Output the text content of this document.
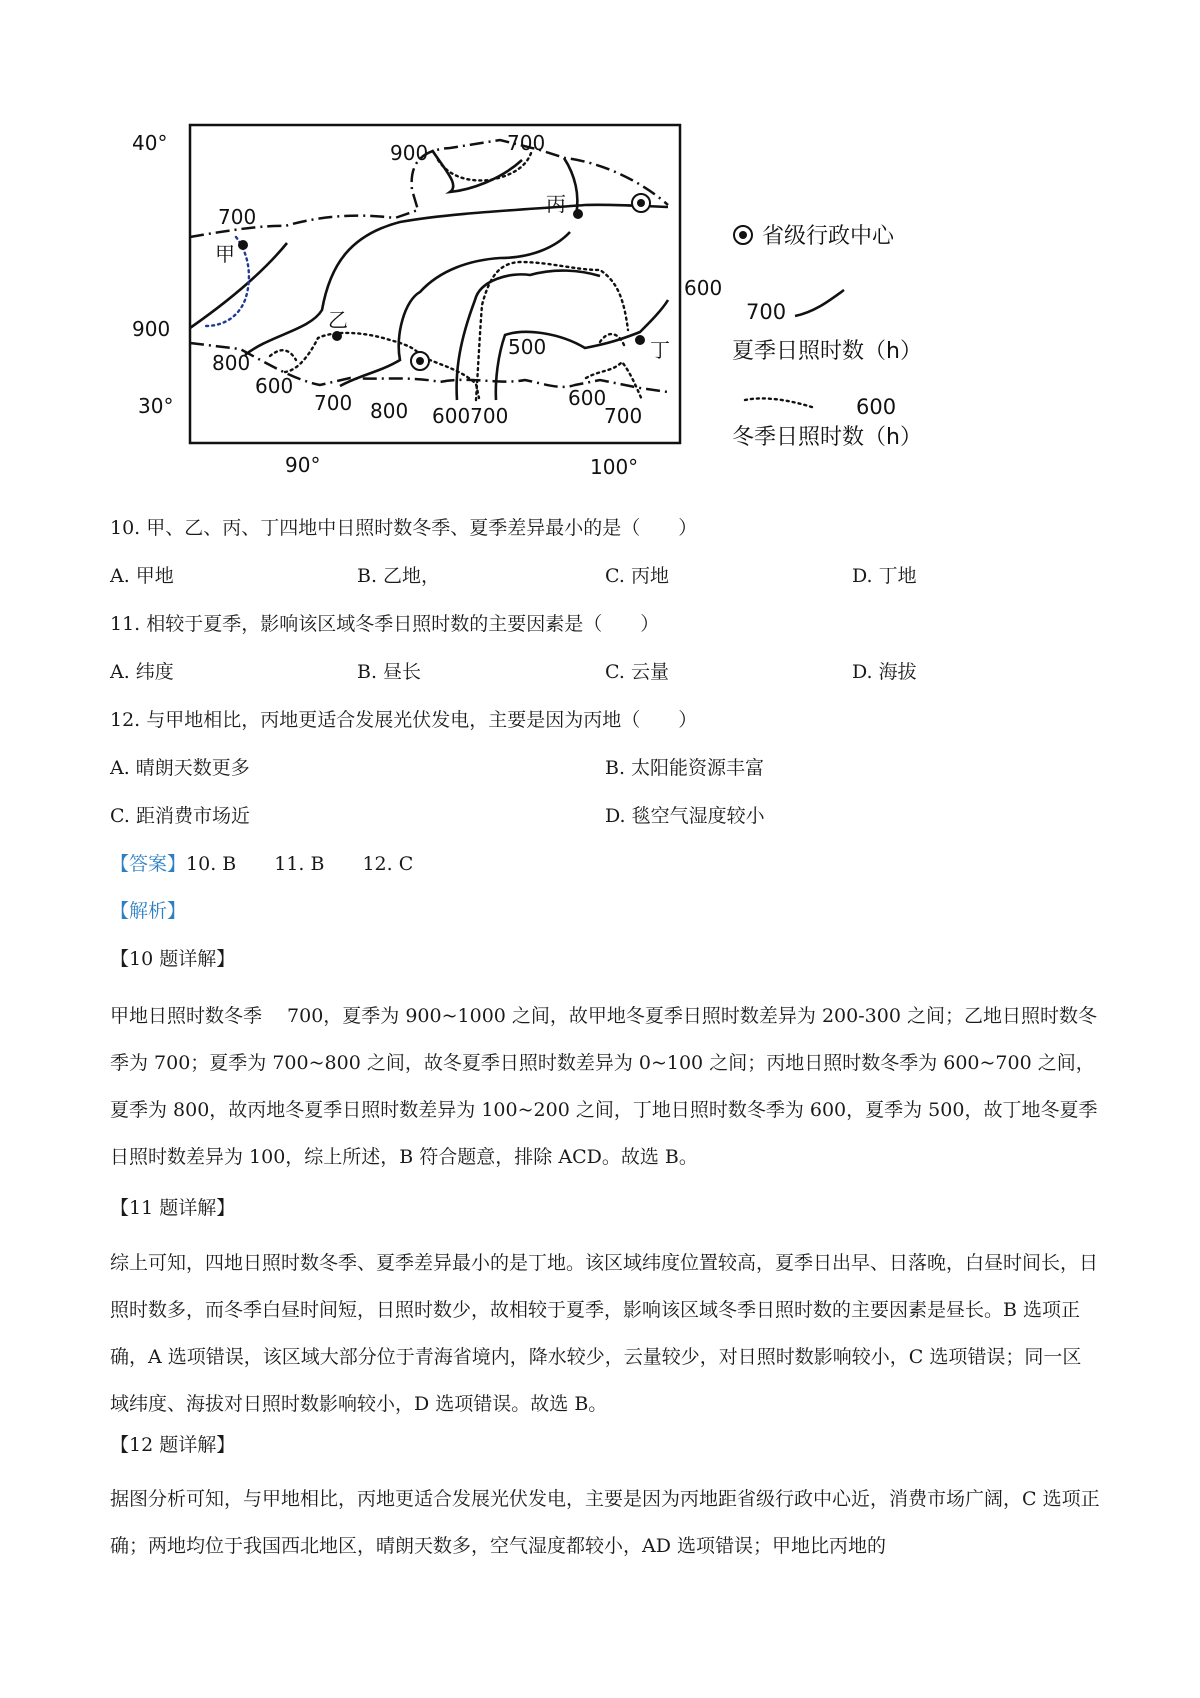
甲
乙
丙
丁
40°
30°
90°	100°
900	700
700
900
800
600
700 800 600700
500
600
700
600
省级行政中心
700
夏季日照时数（h）
600
冬季日照时数（h）
10. 甲、乙、丙、丁四地中日照时数冬季、夏季差异最小的是（　　）
A. 甲地	B. 乙地，	C. 丙地	D. 丁地
11. 相较于夏季，影响该区域冬季日照时数的主要因素是（　　）
A. 纬度	B. 昼长	C. 云量	D. 海拔
12. 与甲地相比，丙地更适合发展光伏发电，主要是因为丙地（　　）
A. 晴朗天数更多	B. 太阳能资源丰富
C. 距消费市场近	D. 毯空气湿度较小
【答案】10. B 11. B 12. C
【解析】
【10 题详解】
甲地日照时数冬季　 700，夏季为 900~1000 之间，故甲地冬夏季日照时数差异为 200-300 之间；乙地日照时数冬季为 700；夏季为 700~800 之间，故冬夏季日照时数差异为 0~100 之间；丙地日照时数冬季为 600~700 之间，夏季为 800，故丙地冬夏季日照时数差异为 100~200 之间，丁地日照时数冬季为 600，夏季为 500，故丁地冬夏季日照时数差异为 100，综上所述，B 符合题意，排除 ACD。故选 B。
【11 题详解】
综上可知，四地日照时数冬季、夏季差异最小的是丁地。该区域纬度位置较高，夏季日出早、日落晚，白昼时间长，日照时数多，而冬季白昼时间短，日照时数少，故相较于夏季，影响该区域冬季日照时数的主要因素是昼长。B 选项正确，A 选项错误，该区域大部分位于青海省境内，降水较少，云量较少，对日照时数影响较小，C 选项错误；同一区域纬度、海拔对日照时数影响较小，D 选项错误。故选 B。
【12 题详解】
据图分析可知，与甲地相比，丙地更适合发展光伏发电，主要是因为丙地距省级行政中心近，消费市场广阔，C 选项正确；两地均位于我国西北地区，晴朗天数多，空气湿度都较小，AD 选项错误；甲地比丙地的
